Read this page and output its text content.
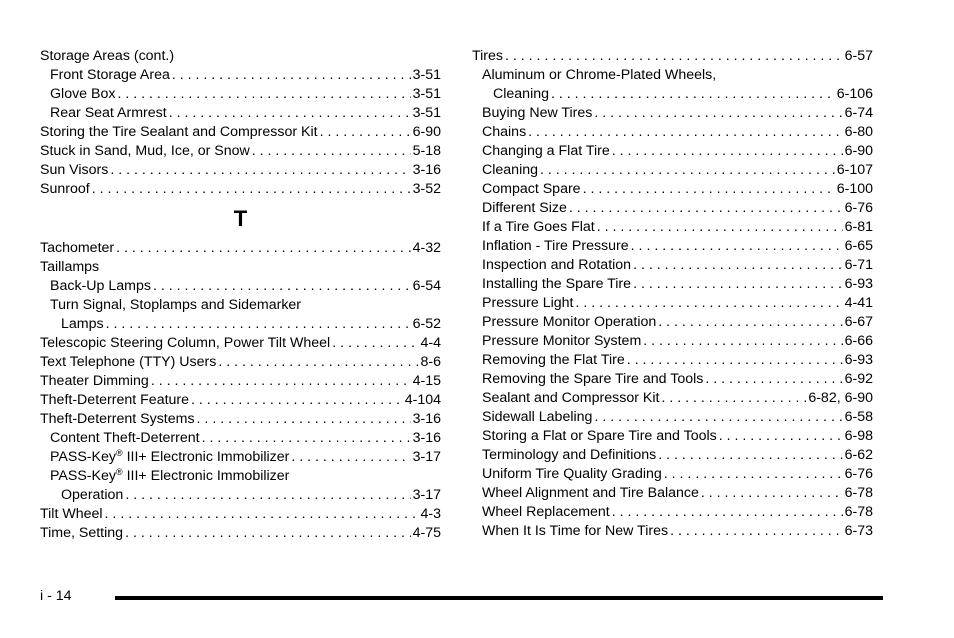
Storage Areas (cont.)
Front Storage Area . . .	3-51
Glove Box . . .	3-51
Rear Seat Armrest . . .	3-51
Storing the Tire Sealant and Compressor Kit . . .	6-90
Stuck in Sand, Mud, Ice, or Snow . . .	5-18
Sun Visors . . .	3-16
Sunroof . . .	3-52
T
Tachometer . . .	4-32
Taillamps
Back-Up Lamps . . .	6-54
Turn Signal, Stoplamps and Sidemarker
Lamps . . .	6-52
Telescopic Steering Column, Power Tilt Wheel . . .	4-4
Text Telephone (TTY) Users . . .	8-6
Theater Dimming . . .	4-15
Theft-Deterrent Feature . . .	4-104
Theft-Deterrent Systems . . .	3-16
Content Theft-Deterrent . . .	3-16
PASS-Key® III+ Electronic Immobilizer . . .	3-17
PASS-Key® III+ Electronic Immobilizer
Operation . . .	3-17
Tilt Wheel . . .	4-3
Time, Setting . . .	4-75
Tires . . .	6-57
Aluminum or Chrome-Plated Wheels,
Cleaning . . .	6-106
Buying New Tires . . .	6-74
Chains . . .	6-80
Changing a Flat Tire . . .	6-90
Cleaning . . .	6-107
Compact Spare . . .	6-100
Different Size . . .	6-76
If a Tire Goes Flat . . .	6-81
Inflation - Tire Pressure . . .	6-65
Inspection and Rotation . . .	6-71
Installing the Spare Tire . . .	6-93
Pressure Light . . .	4-41
Pressure Monitor Operation . . .	6-67
Pressure Monitor System . . .	6-66
Removing the Flat Tire . . .	6-93
Removing the Spare Tire and Tools . . .	6-92
Sealant and Compressor Kit . . .	6-82, 6-90
Sidewall Labeling . . .	6-58
Storing a Flat or Spare Tire and Tools . . .	6-98
Terminology and Definitions . . .	6-62
Uniform Tire Quality Grading . . .	6-76
Wheel Alignment and Tire Balance . . .	6-78
Wheel Replacement . . .	6-78
When It Is Time for New Tires . . .	6-73
i - 14
